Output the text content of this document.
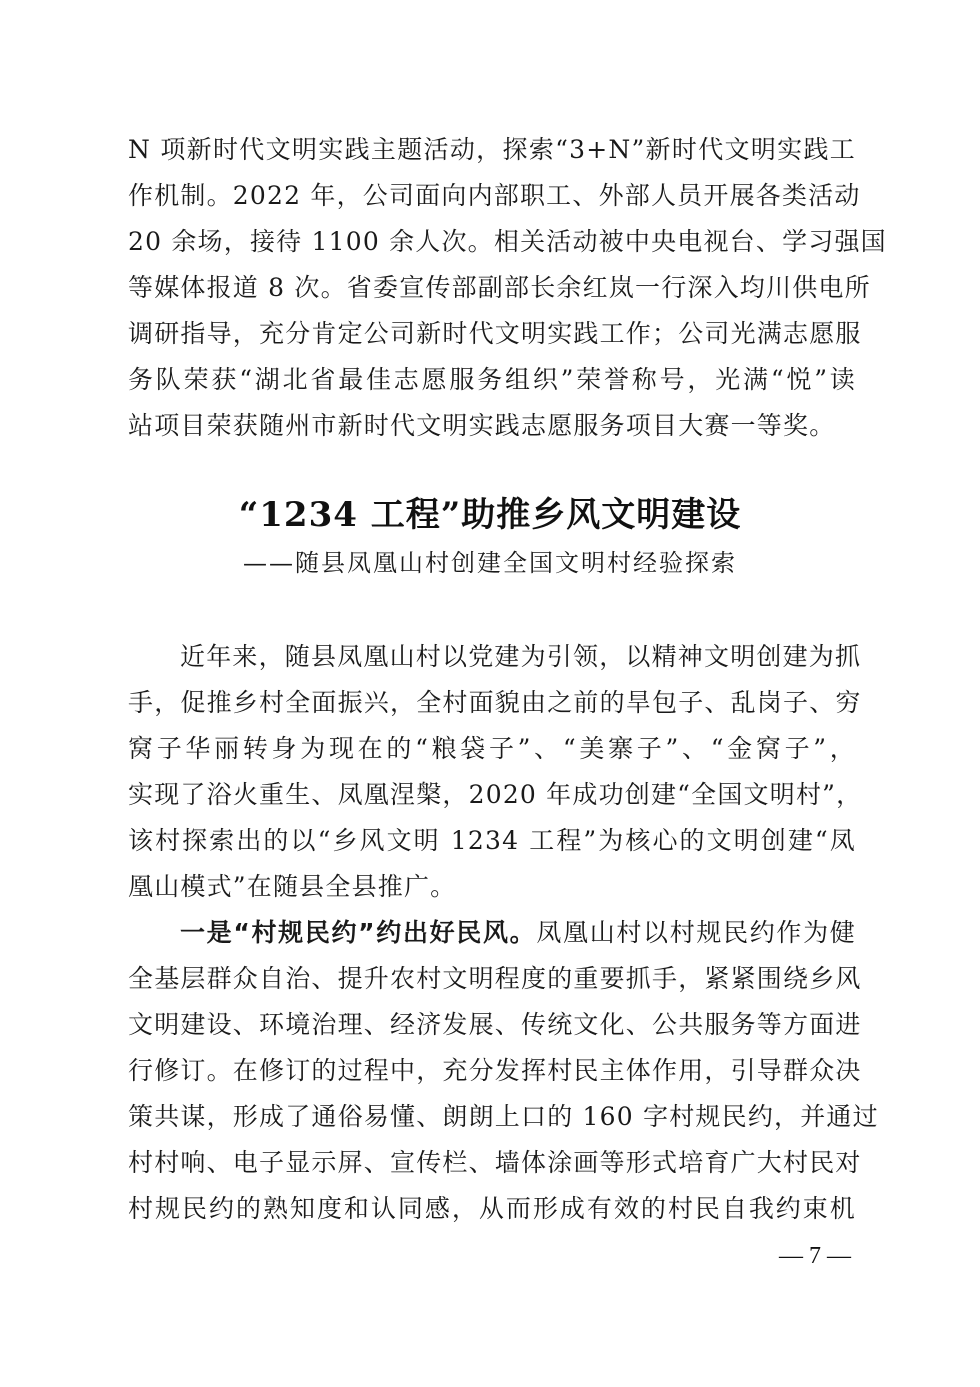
N 项新时代文明实践主题活动，探索“3+N”新时代文明实践工
作机制。2022 年，公司面向内部职工、外部人员开展各类活动
20 余场，接待 1100 余人次。相关活动被中央电视台、学习强国
等媒体报道 8 次。省委宣传部副部长余红岚一行深入均川供电所
调研指导，充分肯定公司新时代文明实践工作；公司光满志愿服
务队荣获“湖北省最佳志愿服务组织”荣誉称号，光满“悦”读
站项目荣获随州市新时代文明实践志愿服务项目大赛一等奖。
“1234 工程”助推乡风文明建设
——随县凤凰山村创建全国文明村经验探索
近年来，随县凤凰山村以党建为引领，以精神文明创建为抓
手，促推乡村全面振兴，全村面貌由之前的旱包子、乱岗子、穷
窝子华丽转身为现在的“粮袋子”、“美寨子”、“金窝子”，
实现了浴火重生、凤凰涅槃，2020 年成功创建“全国文明村”，
该村探索出的以“乡风文明 1234 工程”为核心的文明创建“凤
凰山模式”在随县全县推广。
一是“村规民约”约出好民风。凤凰山村以村规民约作为健
全基层群众自治、提升农村文明程度的重要抓手，紧紧围绕乡风
文明建设、环境治理、经济发展、传统文化、公共服务等方面进
行修订。在修订的过程中，充分发挥村民主体作用，引导群众决
策共谋，形成了通俗易懂、朗朗上口的 160 字村规民约，并通过
村村响、电子显示屏、宣传栏、墙体涂画等形式培育广大村民对
村规民约的熟知度和认同感，从而形成有效的村民自我约束机
— 7 —
